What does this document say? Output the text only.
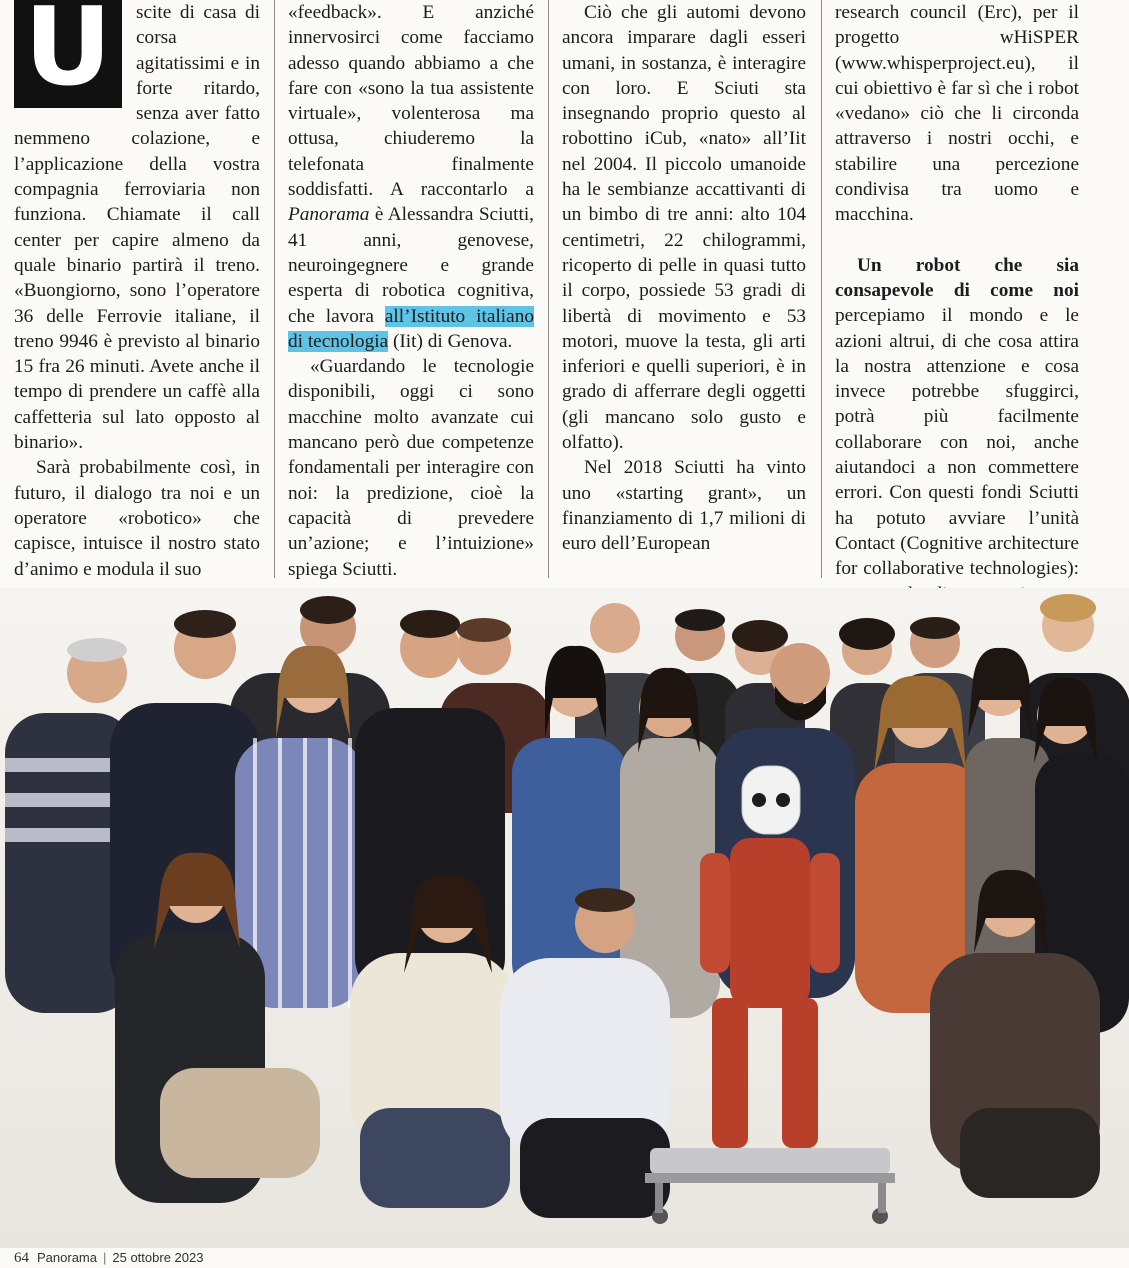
U	scite di casa di corsa agitatissimi e in forte ritardo, senza aver fatto nemmeno colazione, e l’applicazione della vostra compagnia ferroviaria non funziona. Chiamate il call center per capire almeno da quale binario partirà il treno. «Buongiorno, sono l’operatore 36 delle Ferrovie italiane, il treno 9946 è previsto al binario 15 fra 26 minuti. Avete anche il tempo di prendere un caffè alla caffetteria sul lato opposto al binario».

Sarà probabilmente così, in futuro, il dialogo tra noi e un operatore «robotico» che capisce, intuisce il nostro stato d’animo e modula il suo

«feedback». E anziché innervosirci come facciamo adesso quando abbiamo a che fare con «sono la tua assistente virtuale», volenterosa ma ottusa, chiuderemo la telefonata finalmente soddisfatti. A raccontarlo a Panorama è Alessandra Sciutti, 41 anni, genovese, neuroingegnere e grande esperta di robotica cognitiva, che lavora all’Istituto italiano di tecnologia (Iit) di Genova.

«Guardando le tecnologie disponibili, oggi ci sono macchine molto avanzate cui mancano però due competenze fondamentali per interagire con noi: la predizione, cioè la capacità di prevedere un’azione; e l’intuizione» spiega Sciutti.

Ciò che gli automi devono ancora imparare dagli esseri umani, in sostanza, è interagire con loro. E Sciuti sta insegnando proprio questo al robottino iCub, «nato» all’Iit nel 2004. Il piccolo umanoide ha le sembianze accattivanti di un bimbo di tre anni: alto 104 centimetri, 22 chilogrammi, ricoperto di pelle in quasi tutto il corpo, possiede 53 gradi di libertà di movimento e 53 motori, muove la testa, gli arti inferiori e quelli superiori, è in grado di afferrare degli oggetti (gli mancano solo gusto e olfatto).

Nel 2018 Sciutti ha vinto uno «starting grant», un finanziamento di 1,7 milioni di euro dell’European

research council (Erc), per il progetto wHiSPER (www.whisperproject.eu), il cui obiettivo è far sì che i robot «vedano» ciò che li circonda attraverso i nostri occhi, e stabilire una percezione condivisa tra uomo e macchina.

Un robot che sia consapevole di come noi percepiamo il mondo e le azioni altrui, di che cosa attira la nostra attenzione e cosa invece potrebbe sfuggirci, potrà più facilmente collaborare con noi, anche aiutandoci a non commettere errori. Con questi fondi Sciutti ha potuto avviare l’unità Contact (Cognitive architecture for collaborative technologies):

64 Panorama | 25 ottobre 2023
